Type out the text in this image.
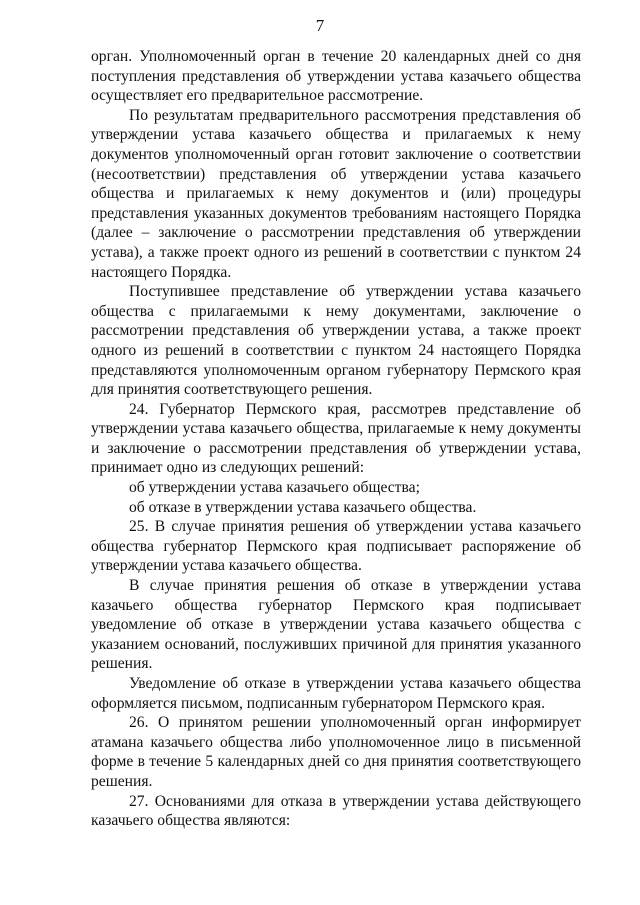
7

орган. Уполномоченный орган в течение 20 календарных дней со дня поступления представления об утверждении устава казачьего общества осуществляет его предварительное рассмотрение.

По результатам предварительного рассмотрения представления об утверждении устава казачьего общества и прилагаемых к нему документов уполномоченный орган готовит заключение о соответствии (несоответствии) представления об утверждении устава казачьего общества и прилагаемых к нему документов и (или) процедуры представления указанных документов требованиям настоящего Порядка (далее – заключение о рассмотрении представления об утверждении устава), а также проект одного из решений в соответствии с пунктом 24 настоящего Порядка.

Поступившее представление об утверждении устава казачьего общества с прилагаемыми к нему документами, заключение о рассмотрении представления об утверждении устава, а также проект одного из решений в соответствии с пунктом 24 настоящего Порядка представляются уполномоченным органом губернатору Пермского края для принятия соответствующего решения.

24. Губернатор Пермского края, рассмотрев представление об утверждении устава казачьего общества, прилагаемые к нему документы и заключение о рассмотрении представления об утверждении устава, принимает одно из следующих решений:

об утверждении устава казачьего общества;

об отказе в утверждении устава казачьего общества.

25. В случае принятия решения об утверждении устава казачьего общества губернатор Пермского края подписывает распоряжение об утверждении устава казачьего общества.

В случае принятия решения об отказе в утверждении устава казачьего общества губернатор Пермского края подписывает уведомление об отказе в утверждении устава казачьего общества с указанием оснований, послуживших причиной для принятия указанного решения.

Уведомление об отказе в утверждении устава казачьего общества оформляется письмом, подписанным губернатором Пермского края.

26. О принятом решении уполномоченный орган информирует атамана казачьего общества либо уполномоченное лицо в письменной форме в течение 5 календарных дней со дня принятия соответствующего решения.

27. Основаниями для отказа в утверждении устава действующего казачьего общества являются:
